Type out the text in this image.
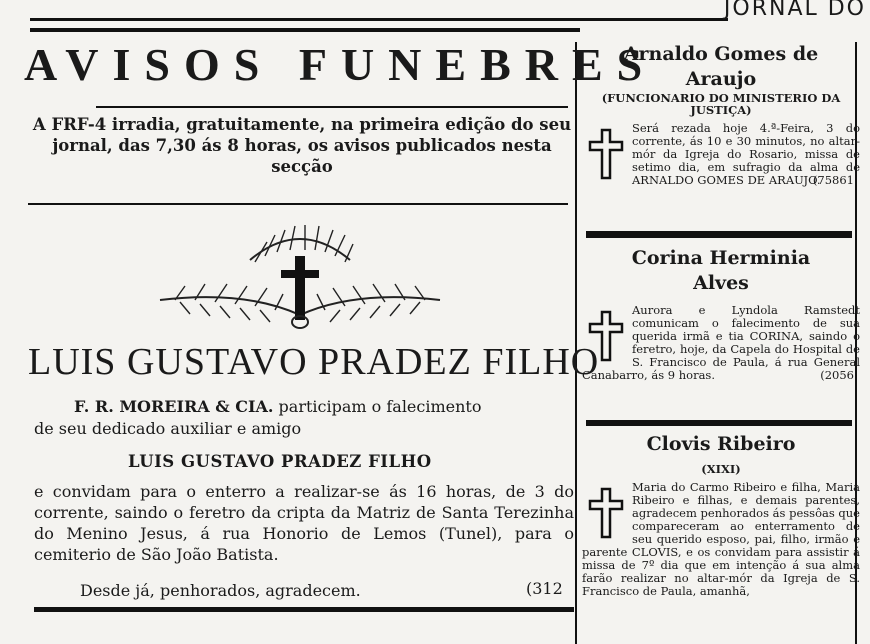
JORNAL DO
AVISOS FUNEBRES
A FRF-4 irradia, gratuitamente, na primeira edição do seu jornal, das 7,30 ás 8 horas, os avisos publicados nesta secção
LUIS GUSTAVO PRADEZ FILHO
F. R. MOREIRA & CIA. participam o falecimento
de seu dedicado auxiliar e amigo
LUIS GUSTAVO PRADEZ FILHO
e convidam para o enterro a realizar-se ás 16 horas, de 3 do corrente, saindo o feretro da cripta da Matriz de Santa Terezinha do Menino Jesus, á rua Honorio de Lemos (Tunel), para o cemiterio de São João Batista.
Desde já, penhorados, agradecem.	(312
Arnaldo Gomes de Araujo
(FUNCIONARIO DO MINISTERIO DA JUSTIÇA)
Será rezada hoje 4.ª-Feira, 3 do corrente, ás 10 e 30 minutos, no altar-mór da Igreja do Rosario, missa de setimo dia, em sufragio da alma de ARNALDO GOMES DE ARAUJO.
(75861
Corina Herminia Alves
Aurora e Lyndola Ramstedt comunicam o falecimento de sua querida irmã e tia CORINA, saindo o feretro, hoje, da Capela do Hospital de S. Francisco de Paula, á rua General Canabarro, ás 9 horas.	(2056
Clovis Ribeiro
(XIXI)
Maria do Carmo Ribeiro e filha, Maria Ribeiro e filhas, e demais parentes, agradecem penhorados ás pessôas que compareceram ao enterramento de seu querido esposo, pai, filho, irmão e parente CLOVIS, e os convidam para assistir á missa de 7º dia que em intenção á sua alma farão realizar no altar-mór da Igreja de S. Francisco de Paula, amanhã,
